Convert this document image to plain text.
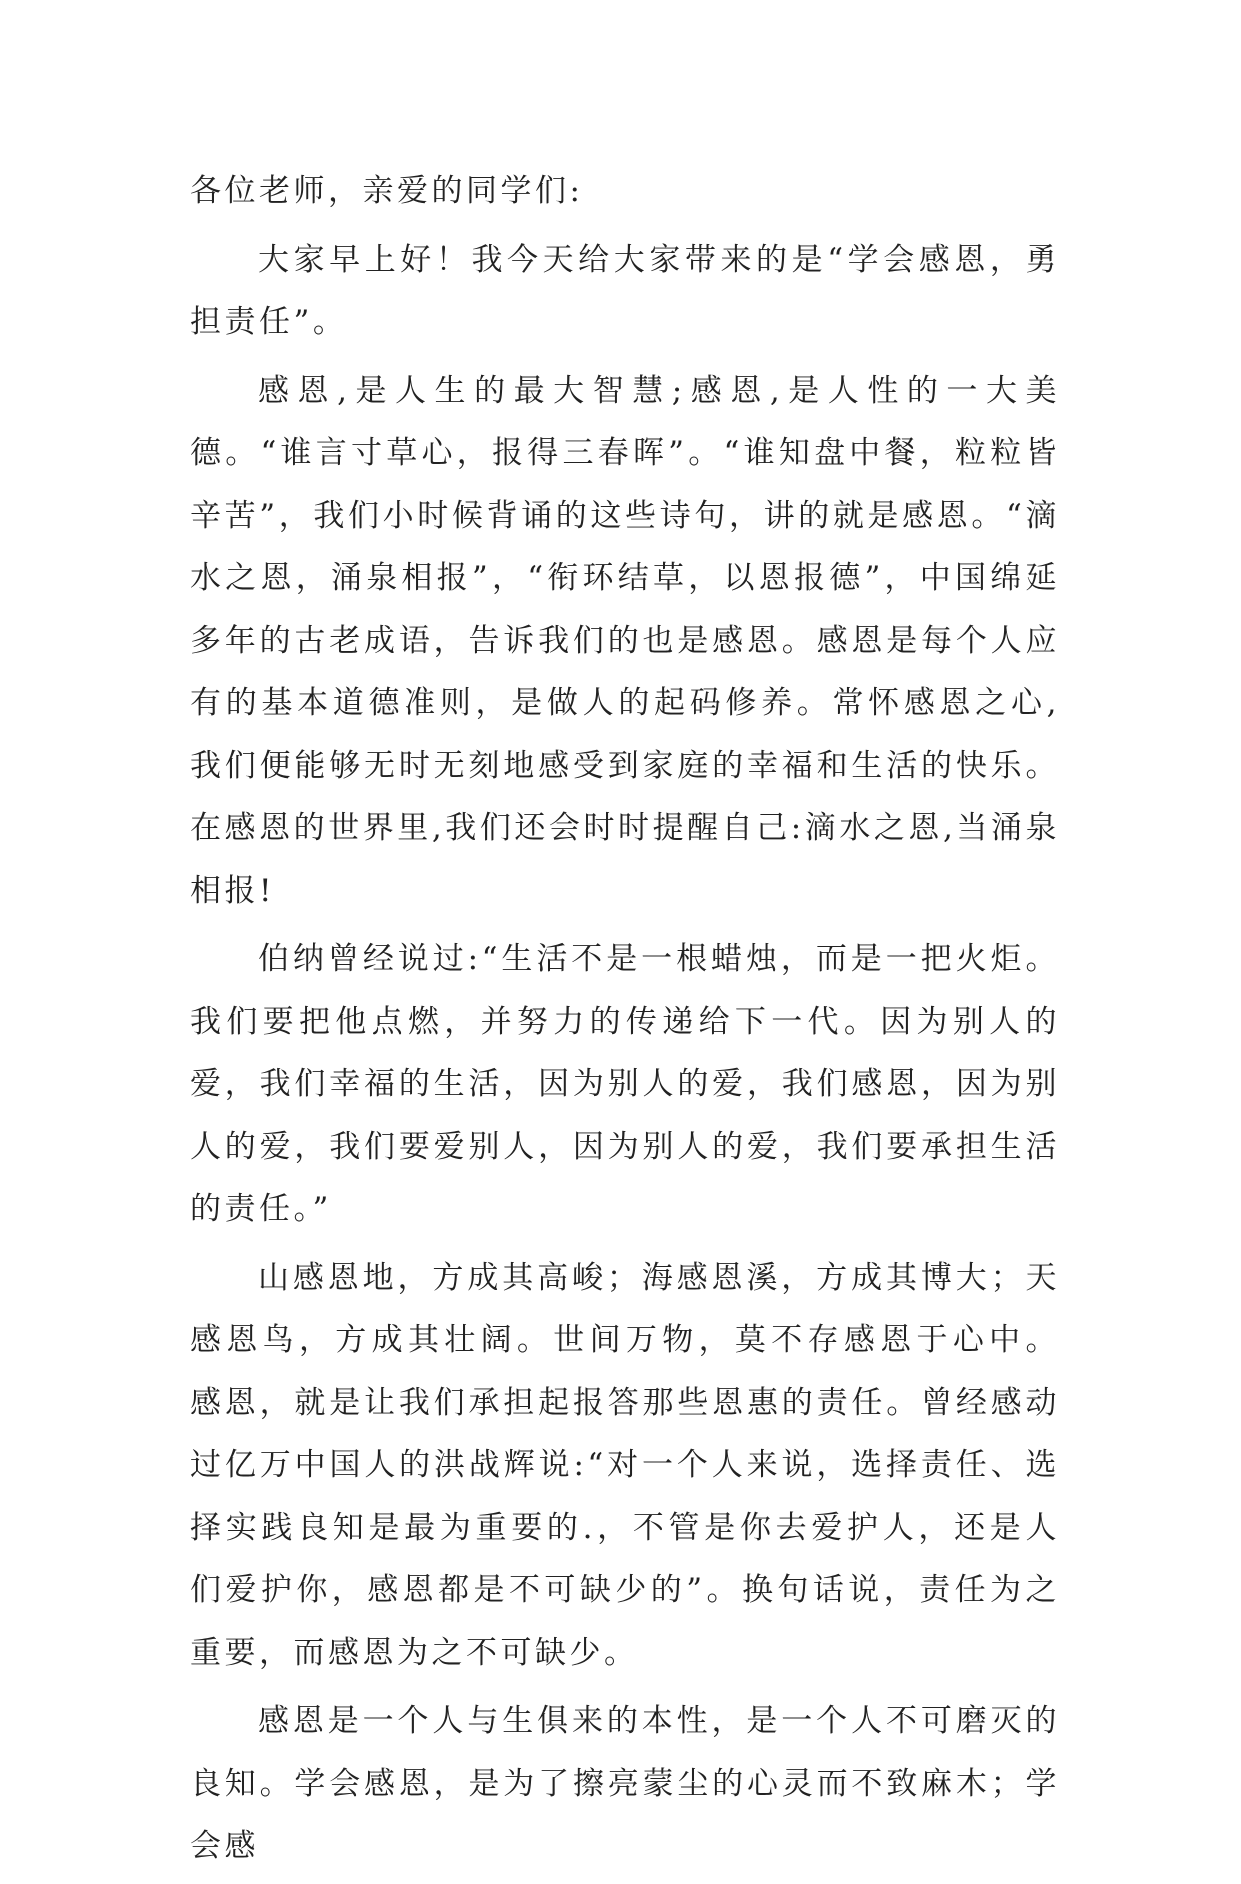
各位老师，亲爱的同学们:

大家早上好！我今天给大家带来的是“学会感恩，勇担责任”。

感恩,是人生的最大智慧;感恩,是人性的一大美德。“谁言寸草心，报得三春晖”。“谁知盘中餐，粒粒皆辛苦”，我们小时候背诵的这些诗句，讲的就是感恩。“滴水之恩，涌泉相报”，“衔环结草，以恩报德”，中国绵延多年的古老成语，告诉我们的也是感恩。感恩是每个人应有的基本道德准则，是做人的起码修养。常怀感恩之心,我们便能够无时无刻地感受到家庭的幸福和生活的快乐。在感恩的世界里,我们还会时时提醒自己:滴水之恩,当涌泉相报!

伯纳曾经说过:“生活不是一根蜡烛，而是一把火炬。我们要把他点燃，并努力的传递给下一代。因为别人的爱，我们幸福的生活，因为别人的爱，我们感恩，因为别人的爱，我们要爱别人，因为别人的爱，我们要承担生活的责任。”

山感恩地，方成其高峻；海感恩溪，方成其博大；天感恩鸟，方成其壮阔。世间万物，莫不存感恩于心中。 感恩，就是让我们承担起报答那些恩惠的责任。曾经感动过亿万中国人的洪战辉说:“对一个人来说，选择责任、选择实践良知是最为重要的.，不管是你去爱护人，还是人们爱护你，感恩都是不可缺少的”。换句话说，责任为之重要，而感恩为之不可缺少。

感恩是一个人与生俱来的本性，是一个人不可磨灭的良知。学会感恩，是为了擦亮蒙尘的心灵而不致麻木；学会感
